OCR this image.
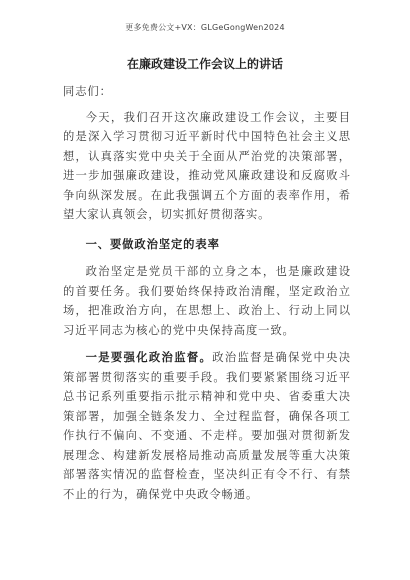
更多免费公文+VX：GLGeGongWen2024
在廉政建设工作会议上的讲话

同志们：

今天，我们召开这次廉政建设工作会议，主要目的是深入学习贯彻习近平新时代中国特色社会主义思想，认真落实党中央关于全面从严治党的决策部署，进一步加强廉政建设，推动党风廉政建设和反腐败斗争向纵深发展。在此我强调五个方面的表率作用，希望大家认真领会，切实抓好贯彻落实。

一、要做政治坚定的表率

政治坚定是党员干部的立身之本，也是廉政建设的首要任务。我们要始终保持政治清醒，坚定政治立场，把准政治方向，在思想上、政治上、行动上同以习近平同志为核心的党中央保持高度一致。

一是要强化政治监督。政治监督是确保党中央决策部署贯彻落实的重要手段。我们要紧紧围绕习近平总书记系列重要指示批示精神和党中央、省委重大决策部署，加强全链条发力、全过程监督，确保各项工作执行不偏向、不变通、不走样。要加强对贯彻新发展理念、构建新发展格局推动高质量发展等重大决策部署落实情况的监督检查，坚决纠正有令不行、有禁不止的行为，确保党中央政令畅通。
